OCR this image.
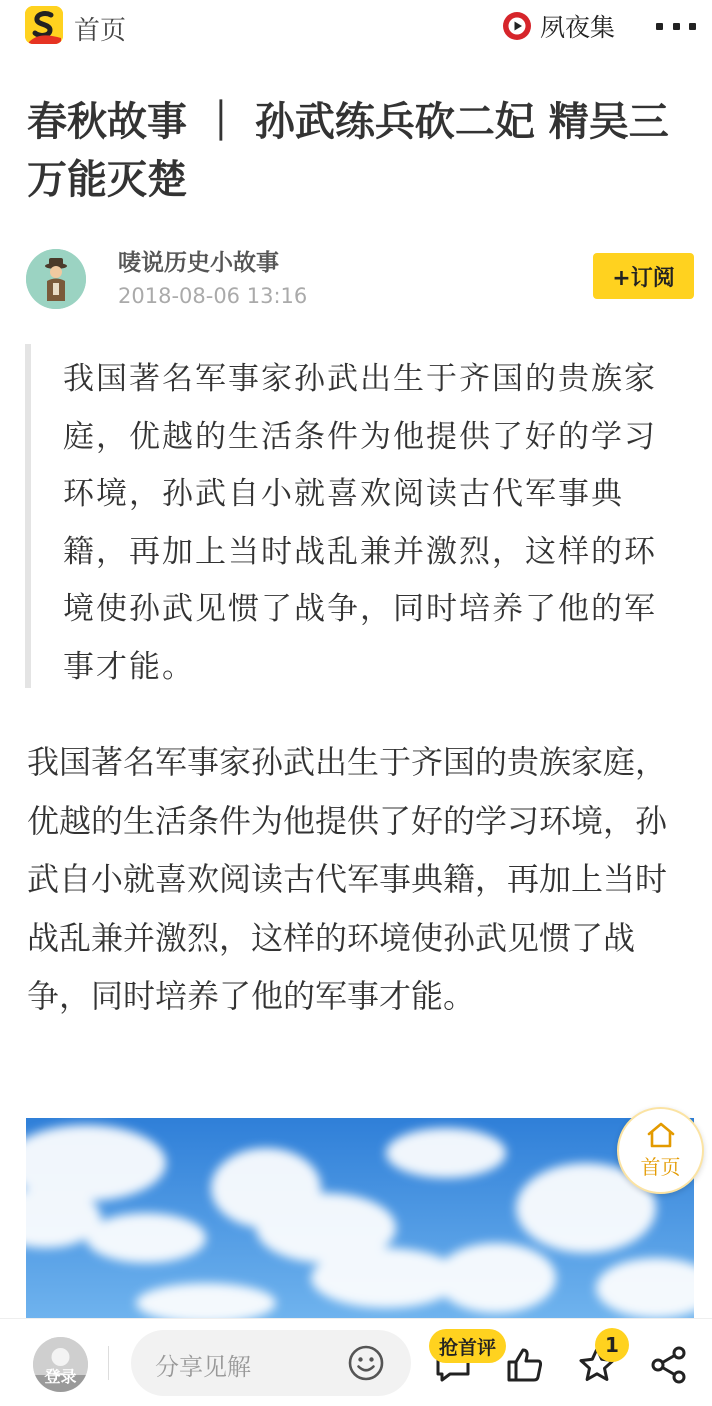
首页	夙夜集
春秋故事 ｜ 孙武练兵砍二妃 精吴三万能灭楚
唛说历史小故事
2018-08-06 13:16
+订阅

我国著名军事家孙武出生于齐国的贵族家庭，优越的生活条件为他提供了好的学习环境，孙武自小就喜欢阅读古代军事典籍，再加上当时战乱兼并激烈，这样的环境使孙武见惯了战争，同时培养了他的军事才能。

我国著名军事家孙武出生于齐国的贵族家庭，优越的生活条件为他提供了好的学习环境，孙武自小就喜欢阅读古代军事典籍，再加上当时战乱兼并激烈，这样的环境使孙武见惯了战争，同时培养了他的军事才能。

首页
登录	分享见解
抢首评	1
